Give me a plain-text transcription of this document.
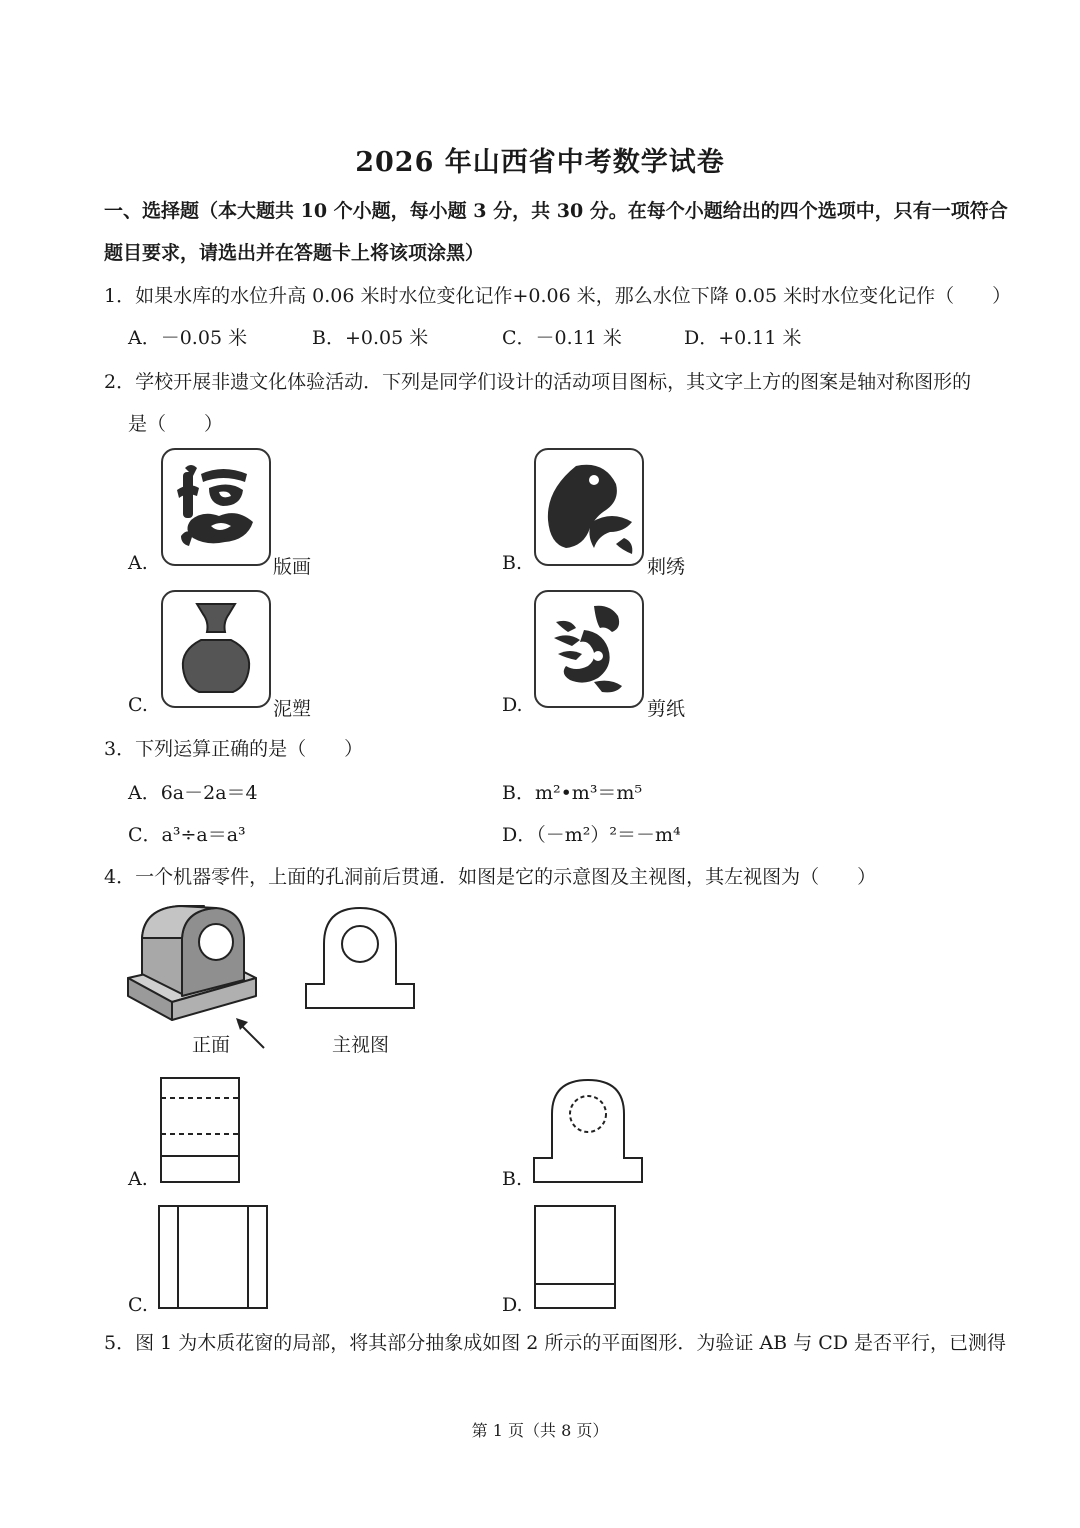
2026 年山西省中考数学试卷
一、选择题（本大题共 10 个小题，每小题 3 分，共 30 分。在每个小题给出的四个选项中，只有一项符合
题目要求，请选出并在答题卡上将该项涂黑）
1．如果水库的水位升高 0.06 米时水位变化记作+0.06 米，那么水位下降 0.05 米时水位变化记作（　　）
A．－0.05 米	B．+0.05 米	C．－0.11 米	D．+0.11 米
2．学校开展非遗文化体验活动．下列是同学们设计的活动项目图标，其文字上方的图案是轴对称图形的
是（　　）
A.	版画	B.	刺绣
C.	泥塑	D.	剪纸
3．下列运算正确的是（　　）
A．6a－2a＝4	B．m²•m³＝m⁵
C．a³÷a＝a³	D．（－m²）²＝－m⁴
4．一个机器零件，上面的孔洞前后贯通．如图是它的示意图及主视图，其左视图为（　　）
正面	主视图
A.	B.
C.	D.
5．图 1 为木质花窗的局部，将其部分抽象成如图 2 所示的平面图形．为验证 AB 与 CD 是否平行，已测得
第 1 页（共 8 页）
